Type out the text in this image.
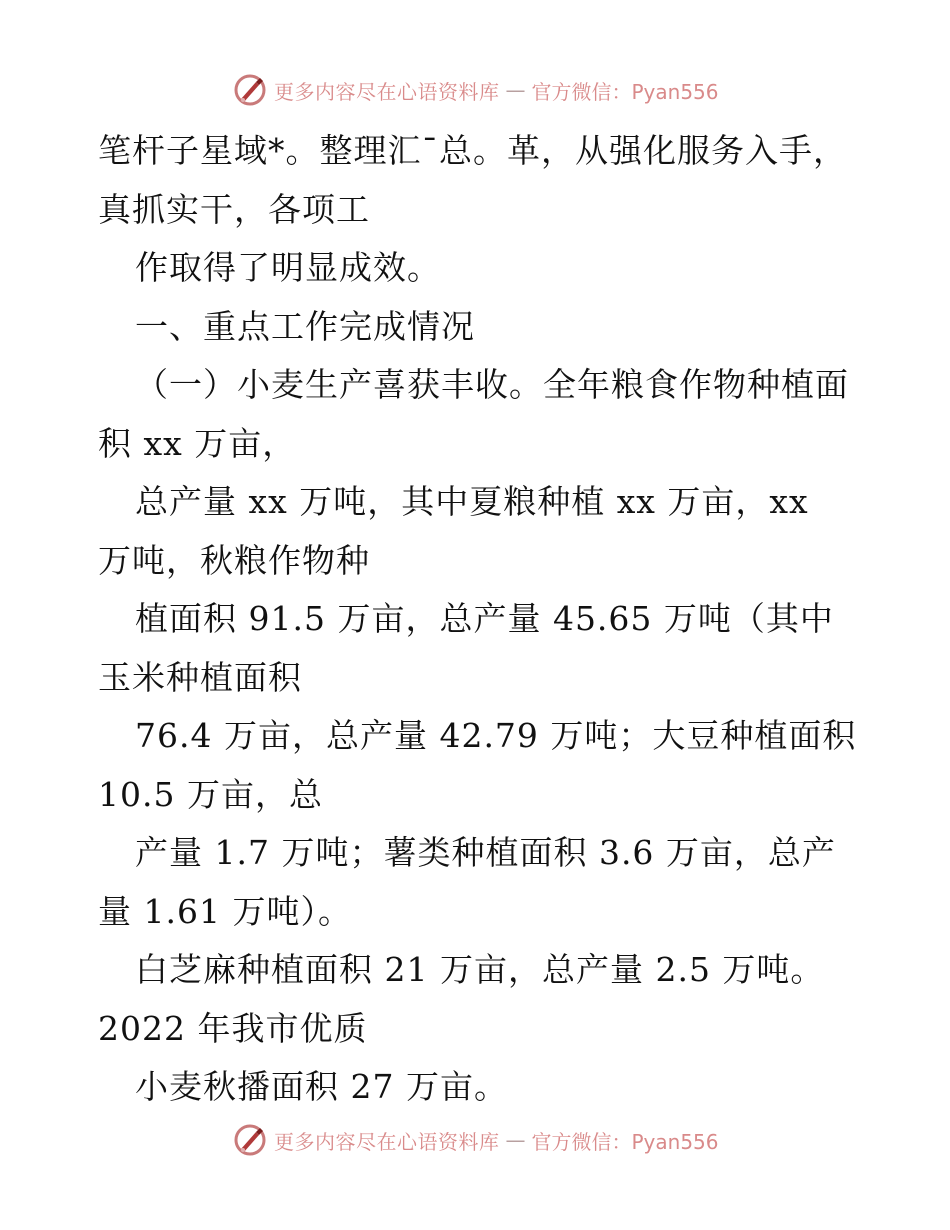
更多内容尽在心语资料库 — 官方微信：Pyan556
笔杆子星域*。整理汇¯总。革，从强化服务入手，
真抓实干，各项工
作取得了明显成效。
一、重点工作完成情况
（一）小麦生产喜获丰收。全年粮食作物种植面
积 xx 万亩，
总产量 xx 万吨，其中夏粮种植 xx 万亩，xx
万吨，秋粮作物种
植面积 91.5 万亩，总产量 45.65 万吨（其中
玉米种植面积
76.4 万亩，总产量 42.79 万吨；大豆种植面积
10.5 万亩，总
产量 1.7 万吨；薯类种植面积 3.6 万亩，总产
量 1.61 万吨）。
白芝麻种植面积 21 万亩，总产量 2.5 万吨。
2022 年我市优质
小麦秋播面积 27 万亩。
更多内容尽在心语资料库 — 官方微信：Pyan556
